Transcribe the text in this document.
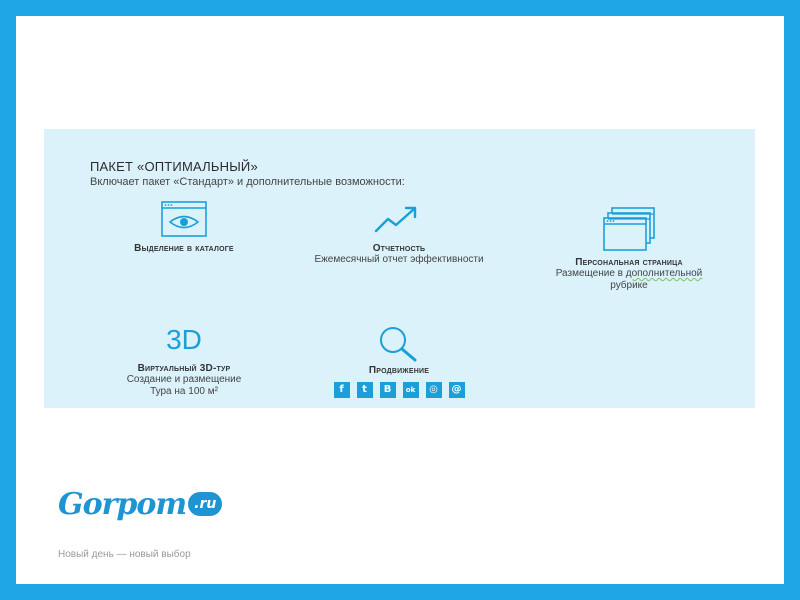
ПАКЕТ «ОПТИМАЛЬНЫЙ»
Включает пакет «Стандарт» и дополнительные возможности:
Выделение в каталоге	Отчетность
Ежемесячный отчет эффективности	Персональная страница
Размещение в дополнительной
рубрике
3D
Виртуальный 3D-тур
Создание и размещение
Тура на 100 м²
Продвижение
f	t	B	ok	◎	@
Gorpom .ru
Новый день — новый выбор
